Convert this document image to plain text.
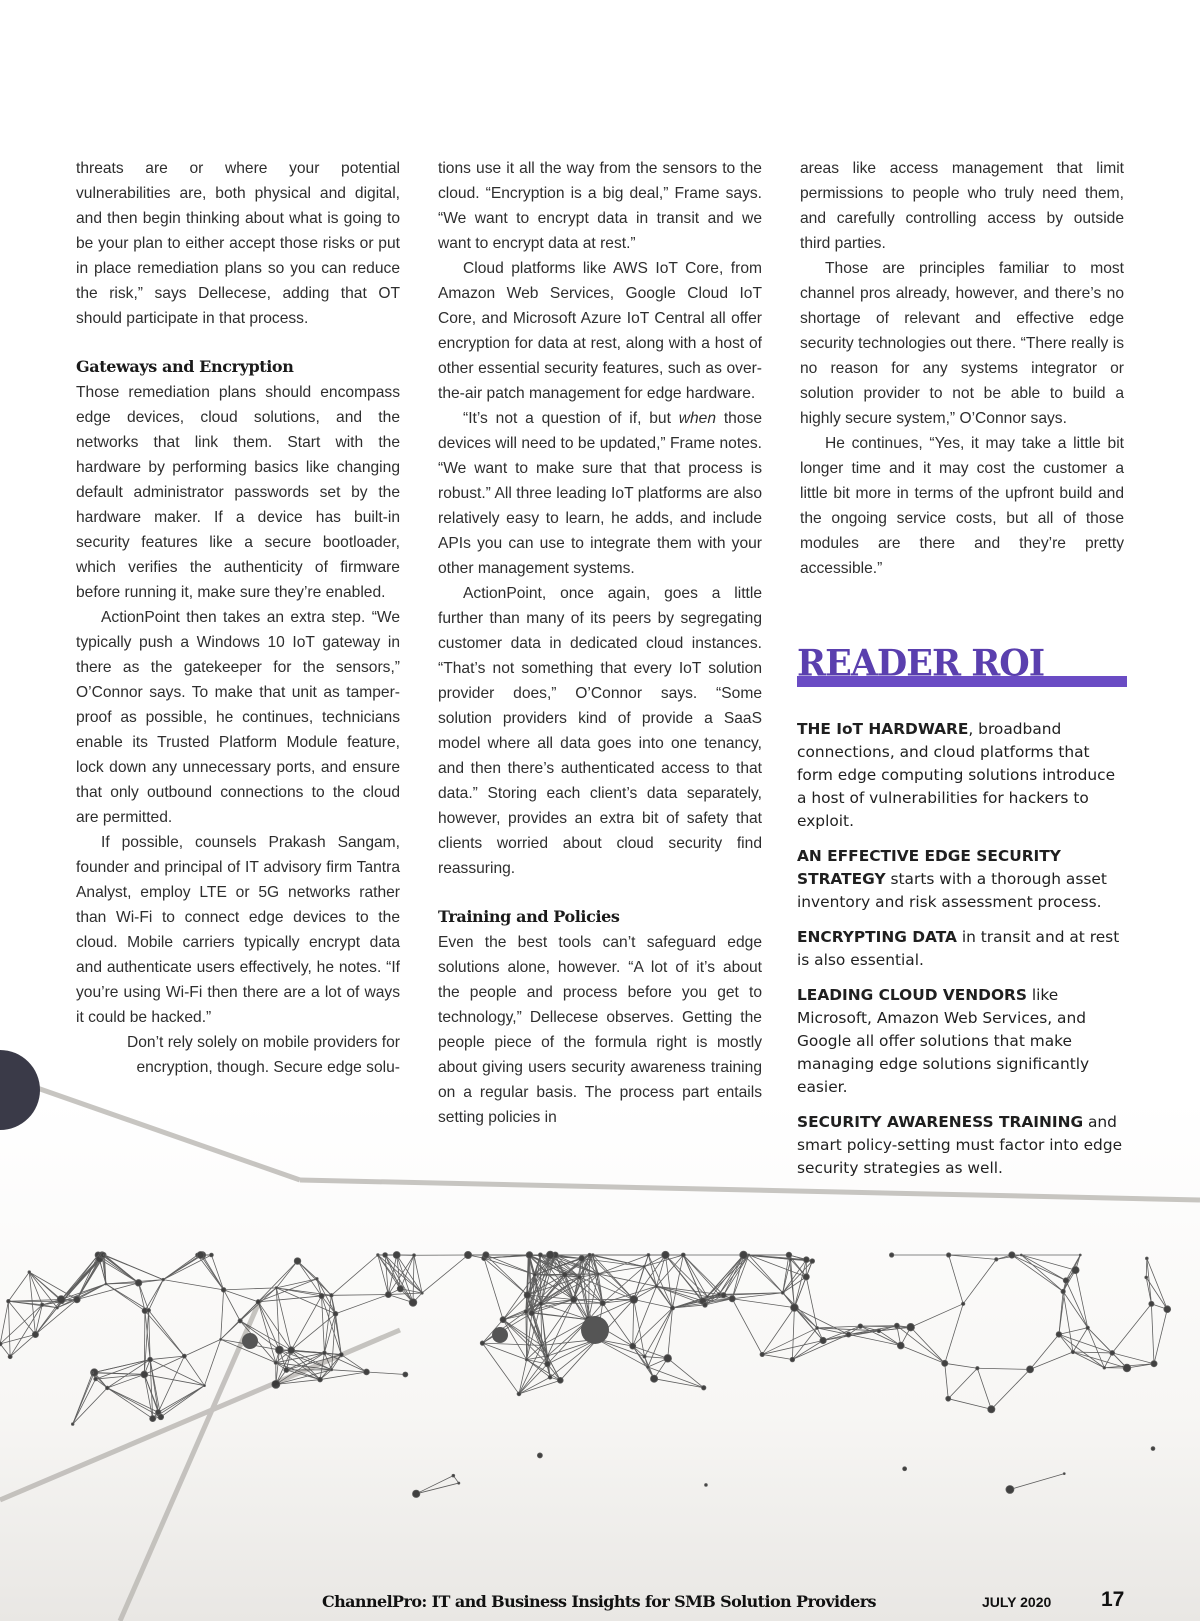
threats are or where your potential vulnerabilities are, both physical and digital, and then begin thinking about what is going to be your plan to either accept those risks or put in place remediation plans so you can reduce the risk,” says Dellecese, adding that OT should participate in that process.

Gateways and Encryption

Those remediation plans should encompass edge devices, cloud solutions, and the networks that link them. Start with the hardware by performing basics like changing default administrator passwords set by the hardware maker. If a device has built-in security features like a secure bootloader, which verifies the authenticity of firmware before running it, make sure they’re enabled.

ActionPoint then takes an extra step. “We typically push a Windows 10 IoT gateway in there as the gatekeeper for the sensors,” O’Connor says. To make that unit as tamper-proof as possible, he continues, technicians enable its Trusted Platform Module feature, lock down any unnecessary ports, and ensure that only outbound connections to the cloud are permitted.

If possible, counsels Prakash Sangam, founder and principal of IT advisory firm Tantra Analyst, employ LTE or 5G networks rather than Wi-Fi to connect edge devices to the cloud. Mobile carriers typically encrypt data and authenticate users effectively, he notes. “If you’re using Wi-Fi then there are a lot of ways it could be hacked.”

Don’t rely solely on mobile providers for encryption, though. Secure edge solu-

tions use it all the way from the sensors to the cloud. “Encryption is a big deal,” Frame says. “We want to encrypt data in transit and we want to encrypt data at rest.”

Cloud platforms like AWS IoT Core, from Amazon Web Services, Google Cloud IoT Core, and Microsoft Azure IoT Central all offer encryption for data at rest, along with a host of other essential security features, such as over-the-air patch management for edge hardware.

“It’s not a question of if, but when those devices will need to be updated,” Frame notes. “We want to make sure that that process is robust.” All three leading IoT platforms are also relatively easy to learn, he adds, and include APIs you can use to integrate them with your other management systems.

ActionPoint, once again, goes a little further than many of its peers by segregating customer data in dedicated cloud instances. “That’s not something that every IoT solution provider does,” O’Connor says. “Some solution providers kind of provide a SaaS model where all data goes into one tenancy, and then there’s authenticated access to that data.” Storing each client’s data separately, however, provides an extra bit of safety that clients worried about cloud security find reassuring.

Training and Policies

Even the best tools can’t safeguard edge solutions alone, however. “A lot of it’s about the people and process before you get to technology,” Dellecese observes. Getting the people piece of the formula right is mostly about giving users security awareness training on a regular basis. The process part entails setting policies in

areas like access management that limit permissions to people who truly need them, and carefully controlling access by outside third parties.

Those are principles familiar to most channel pros already, however, and there’s no shortage of relevant and effective edge security technologies out there. “There really is no reason for any systems integrator or solution provider to not be able to build a highly secure system,” O’Connor says.

He continues, “Yes, it may take a little bit longer time and it may cost the customer a little bit more in terms of the upfront build and the ongoing service costs, but all of those modules are there and they’re pretty accessible.”

READER ROI
THE IoT HARDWARE, broadband connections, and cloud platforms that form edge computing solutions introduce a host of vulnerabilities for hackers to exploit.
AN EFFECTIVE EDGE SECURITY STRATEGY starts with a thorough asset inventory and risk assessment process.
ENCRYPTING DATA in transit and at rest is also essential.
LEADING CLOUD VENDORS like Microsoft, Amazon Web Services, and Google all offer solutions that make managing edge solutions significantly easier.
SECURITY AWARENESS TRAINING and smart policy-setting must factor into edge security strategies as well.
ChannelPro: IT and Business Insights for SMB Solution Providers	JULY 2020 17
